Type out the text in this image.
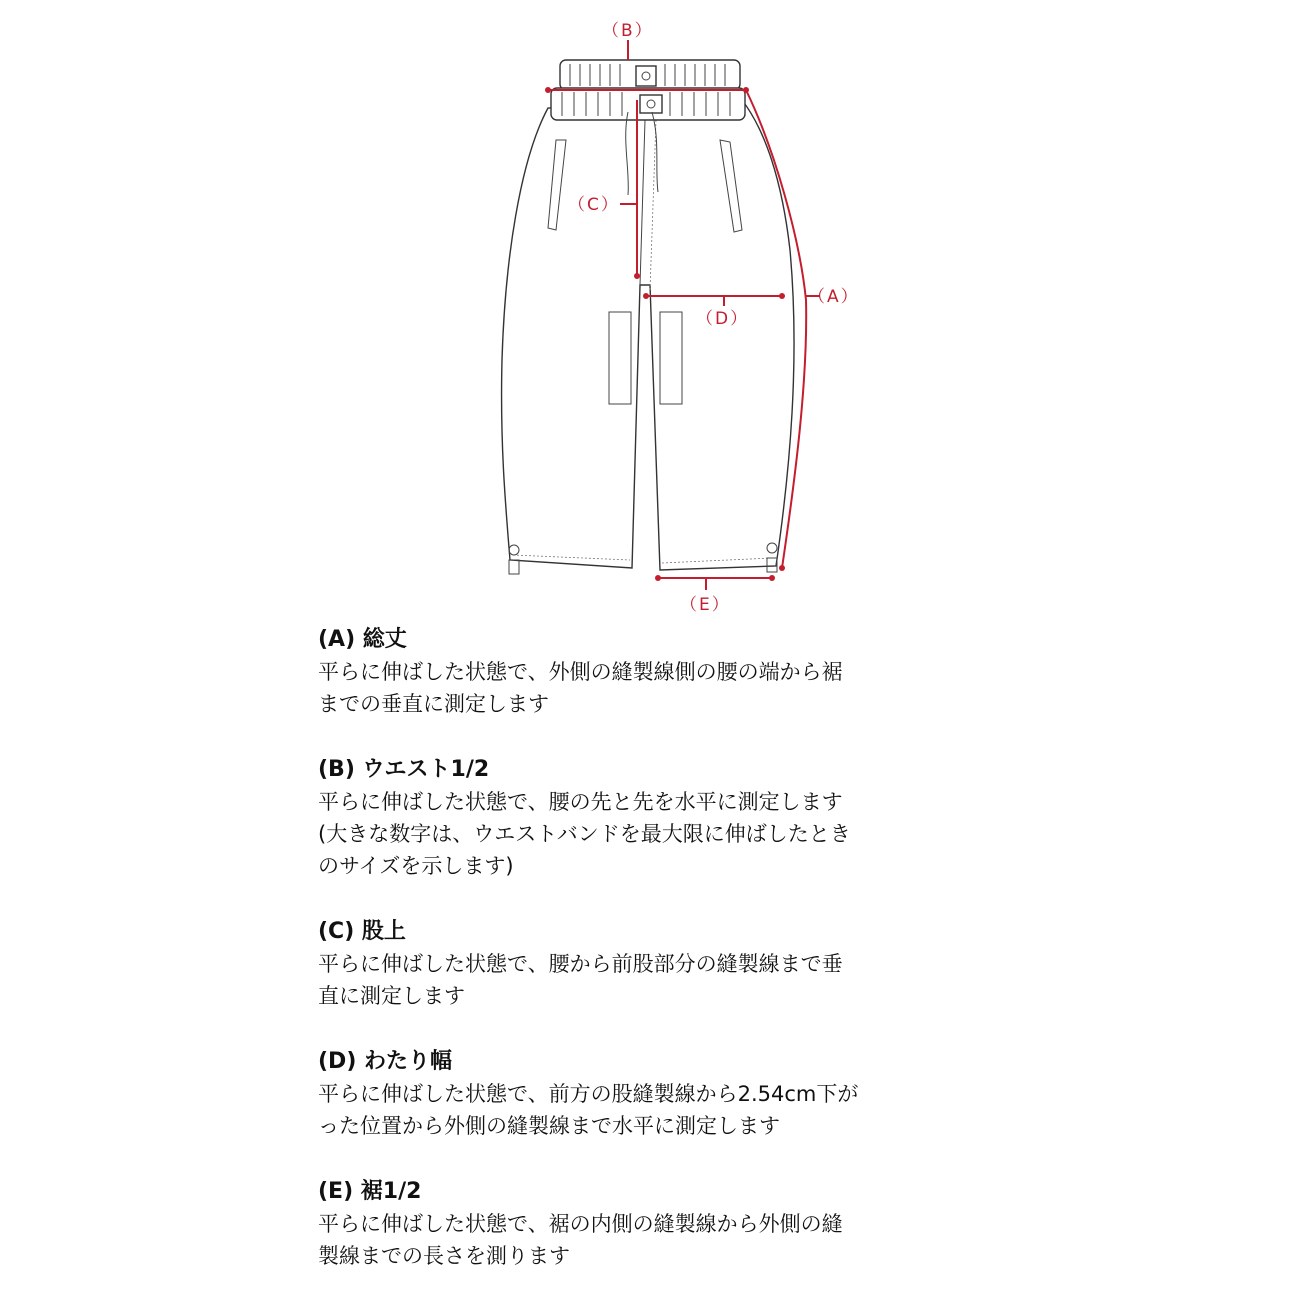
（B）
（C）
（D）
（A）
（E）
(A) 総丈
平らに伸ばした状態で、外側の縫製線側の腰の端から裾
までの垂直に測定します
(B) ウエスト1/2
平らに伸ばした状態で、腰の先と先を水平に測定します
(大きな数字は、ウエストバンドを最大限に伸ばしたとき
のサイズを示します)
(C) 股上
平らに伸ばした状態で、腰から前股部分の縫製線まで垂
直に測定します
(D) わたり幅
平らに伸ばした状態で、前方の股縫製線から2.54cm下が
った位置から外側の縫製線まで水平に測定します
(E) 裾1/2
平らに伸ばした状態で、裾の内側の縫製線から外側の縫
製線までの長さを測ります
